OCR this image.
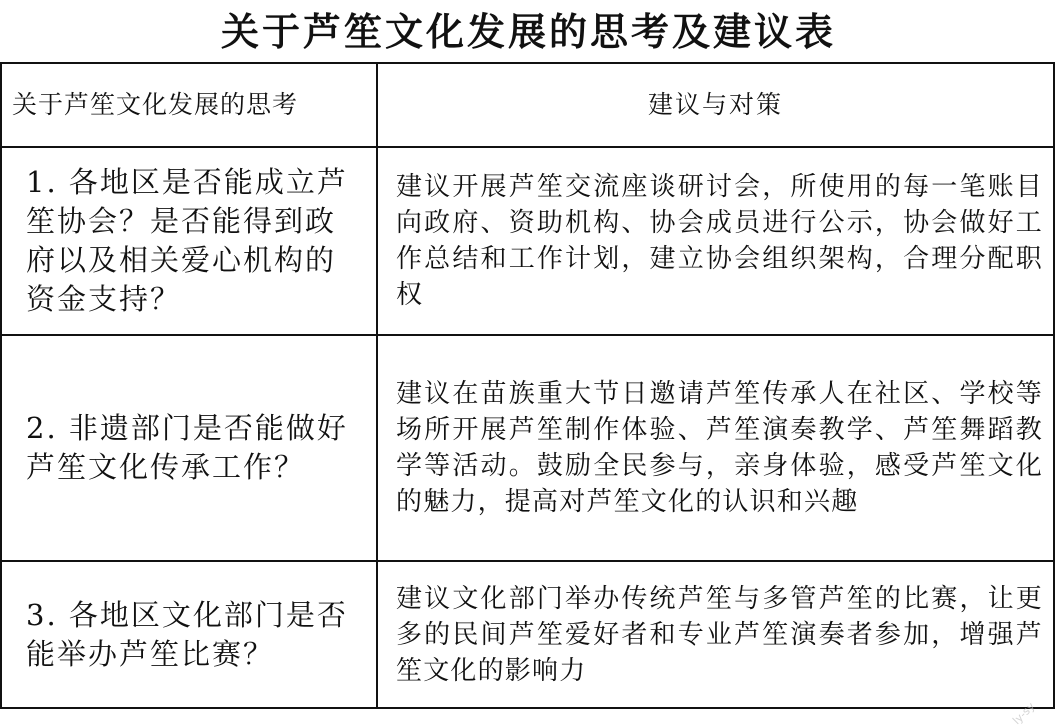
关于芦笙文化发展的思考及建议表
关于芦笙文化发展的思考	建议与对策

1. 各地区是否能成立芦笙协会？是否能得到政府以及相关爱心机构的资金支持？	建议开展芦笙交流座谈研讨会，所使用的每一笔账目向政府、资助机构、协会成员进行公示，协会做好工作总结和工作计划，建立协会组织架构，合理分配职权

2. 非遗部门是否能做好芦笙文化传承工作？	建议在苗族重大节日邀请芦笙传承人在社区、学校等场所开展芦笙制作体验、芦笙演奏教学、芦笙舞蹈教学等活动。鼓励全民参与，亲身体验，感受芦笙文化的魅力，提高对芦笙文化的认识和兴趣

3. 各地区文化部门是否能举办芦笙比赛？	建议文化部门举办传统芦笙与多管芦笙的比赛，让更多的民间芦笙爱好者和专业芦笙演奏者参加，增强芦笙文化的影响力
ly-sy
